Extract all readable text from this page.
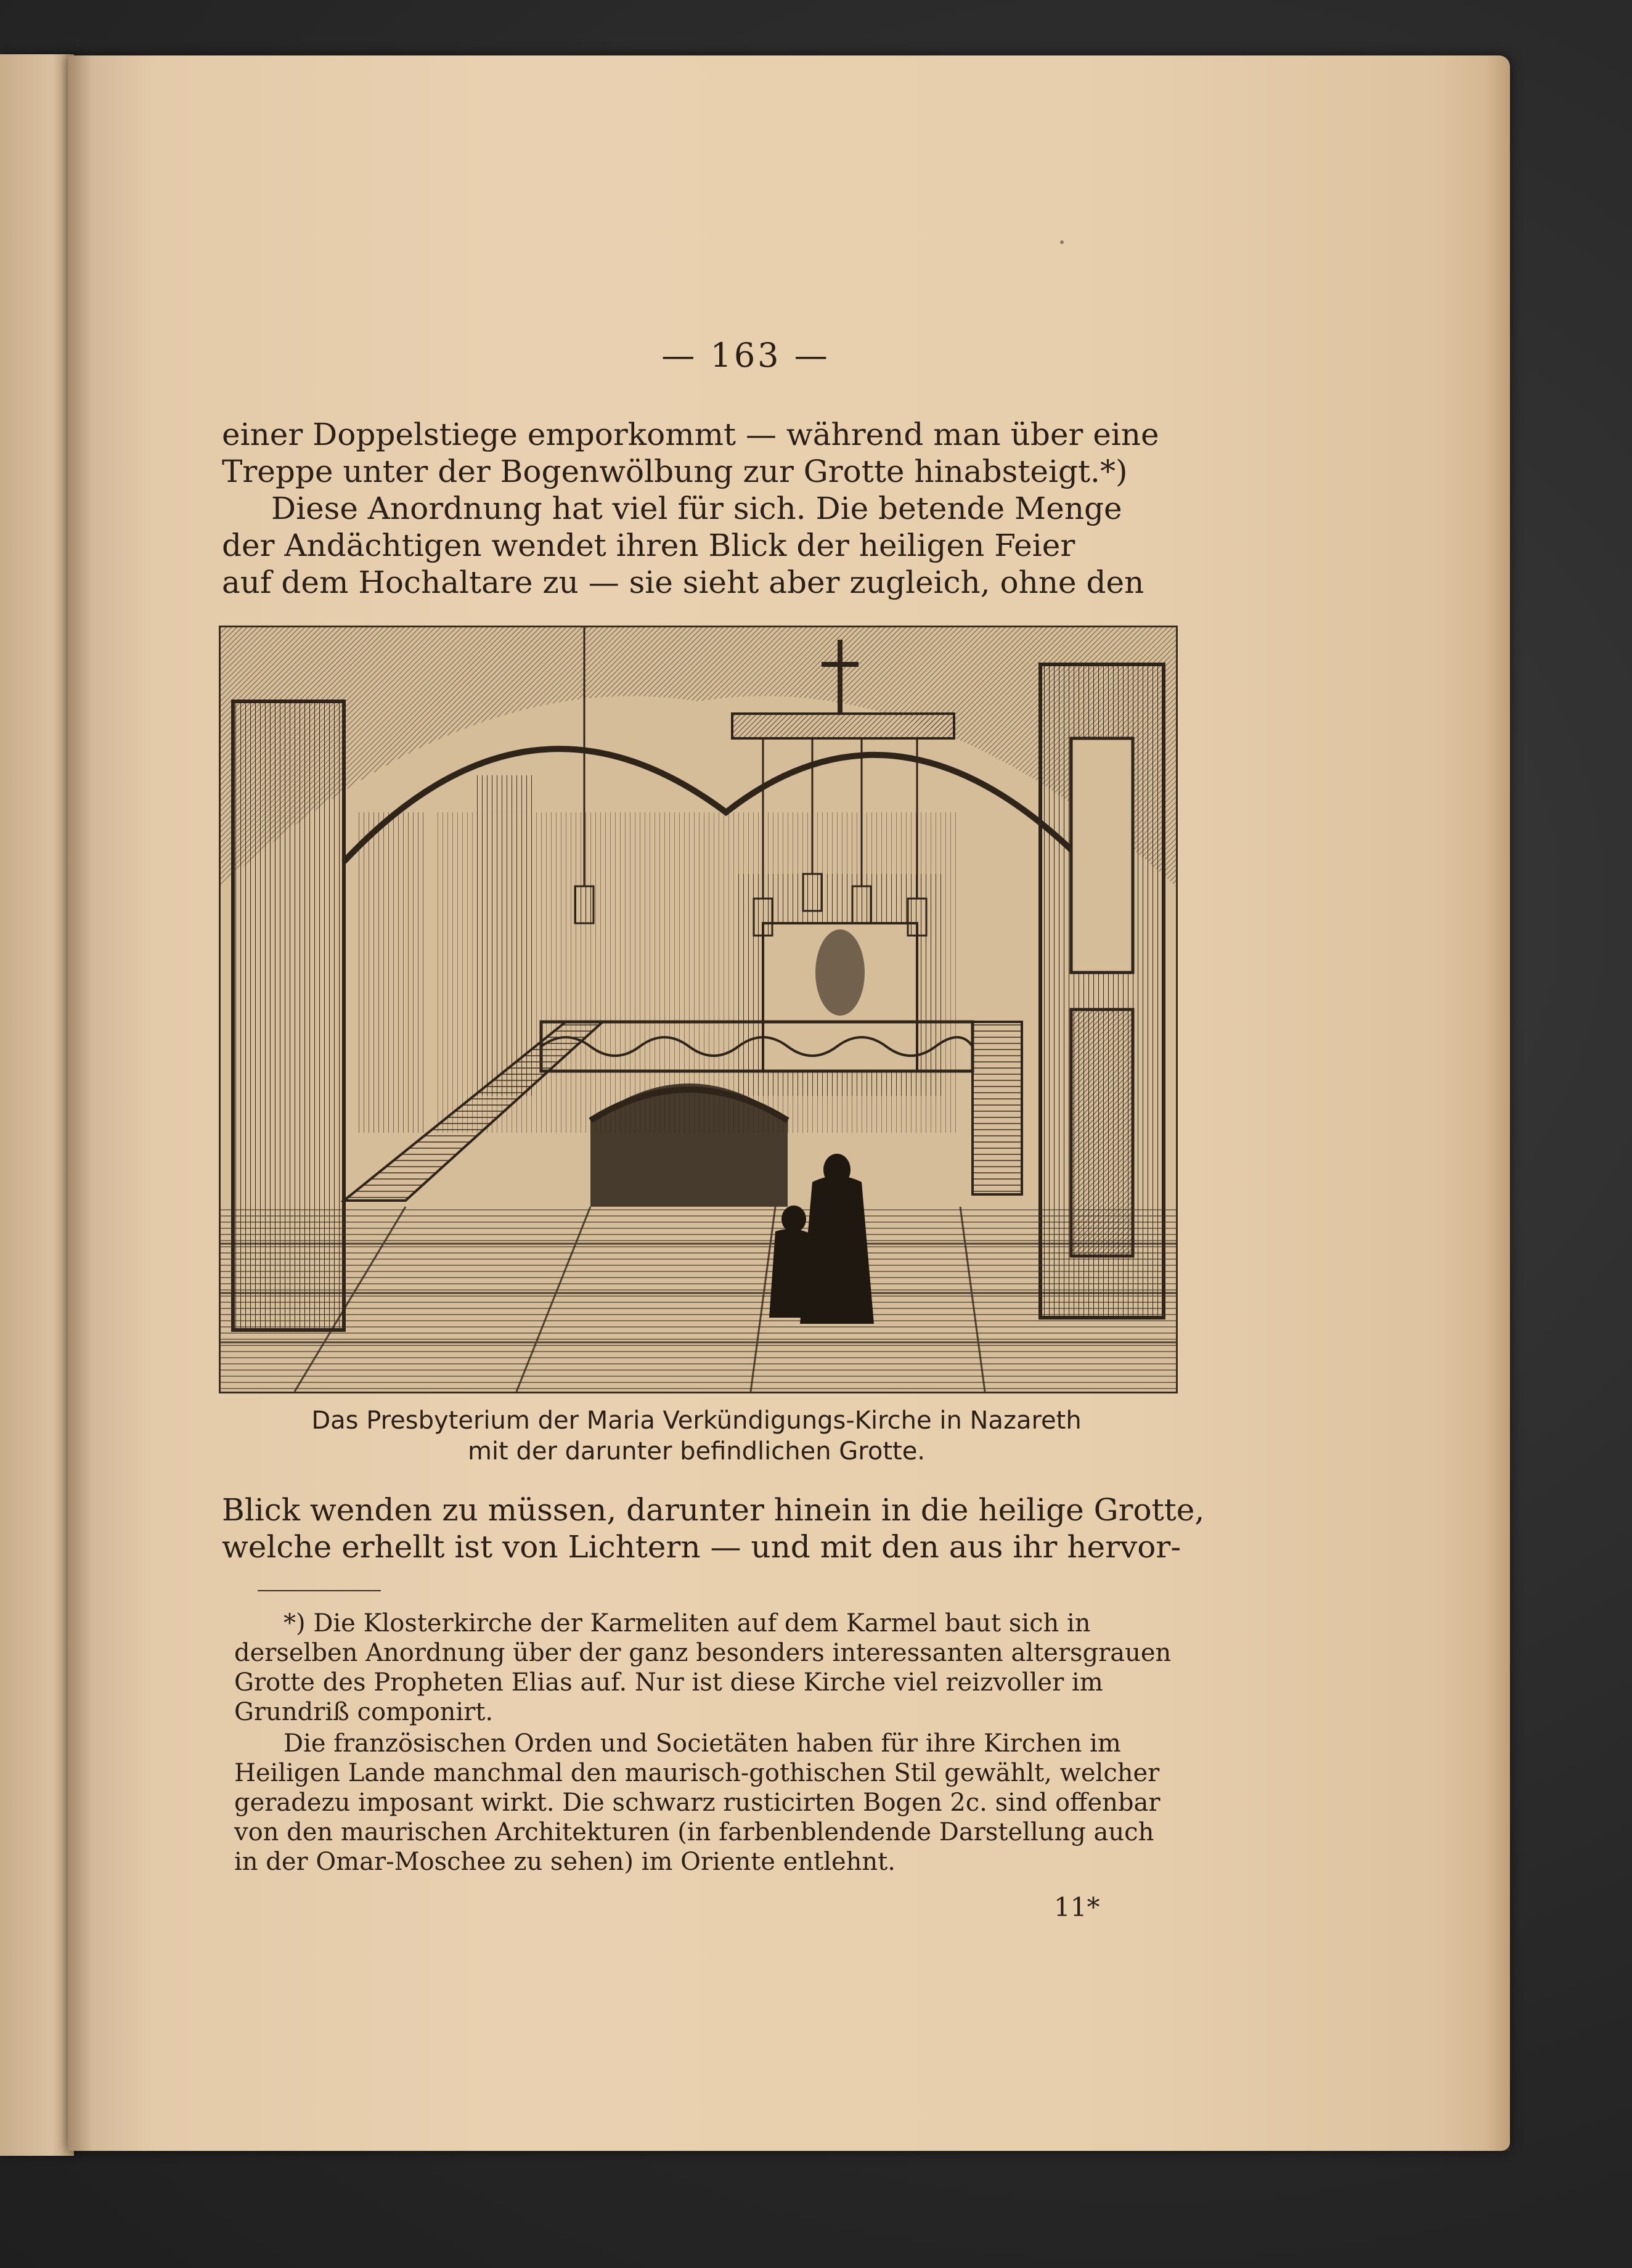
— 163 —
einer Doppelstiege emporkommt — während man über eine
Treppe unter der Bogenwölbung zur Grotte hinabsteigt.*)
Diese Anordnung hat viel für sich. Die betende Menge
der Andächtigen wendet ihren Blick der heiligen Feier
auf dem Hochaltare zu — sie sieht aber zugleich, ohne den
Das Presbyterium der Maria Verkündigungs-Kirche in Nazareth
mit der darunter befindlichen Grotte.
Blick wenden zu müssen, darunter hinein in die heilige Grotte,
welche erhellt ist von Lichtern — und mit den aus ihr hervor-
*) Die Klosterkirche der Karmeliten auf dem Karmel baut sich in
derselben Anordnung über der ganz besonders interessanten altersgrauen
Grotte des Propheten Elias auf. Nur ist diese Kirche viel reizvoller im
Grundriß componirt.
Die französischen Orden und Societäten haben für ihre Kirchen im
Heiligen Lande manchmal den maurisch-gothischen Stil gewählt, welcher
geradezu imposant wirkt. Die schwarz rusticirten Bogen 2c. sind offenbar
von den maurischen Architekturen (in farbenblendende Darstellung auch
in der Omar-Moschee zu sehen) im Oriente entlehnt.
11*
